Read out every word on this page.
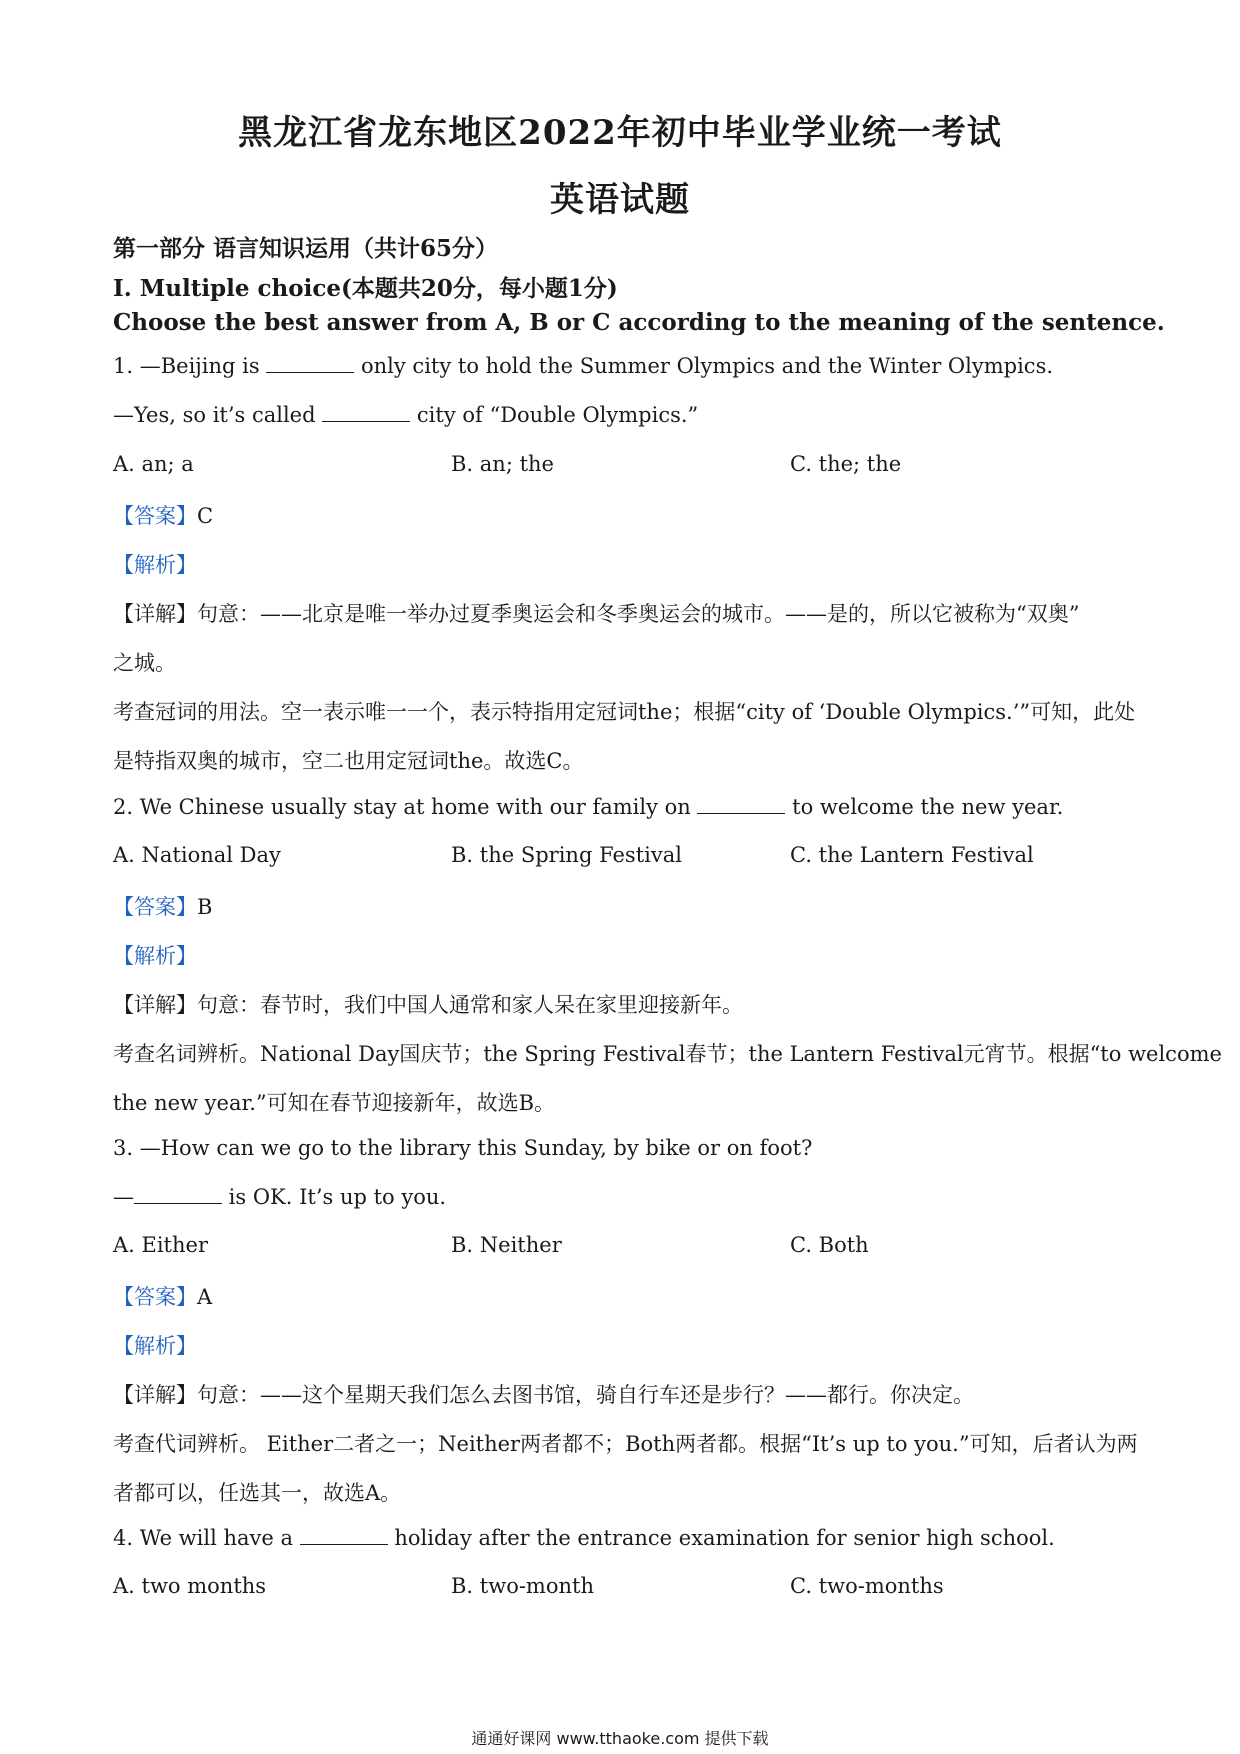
黑龙江省龙东地区2022年初中毕业学业统一考试
英语试题
第一部分 语言知识运用（共计65分）
I. Multiple choice(本题共20分，每小题1分)
Choose the best answer from A, B or C according to the meaning of the sentence.
1. —Beijing is	only city to hold the Summer Olympics and the Winter Olympics.
—Yes, so it’s called	city of “Double Olympics.”
A. an; a	B. an; the	C. the; the
【答案】C
【解析】
【详解】句意：——北京是唯一举办过夏季奥运会和冬季奥运会的城市。——是的，所以它被称为“双奥”
之城。
考查冠词的用法。空一表示唯一一个，表示特指用定冠词the；根据“city of ‘Double Olympics.’”可知，此处
是特指双奥的城市，空二也用定冠词the。故选C。
2. We Chinese usually stay at home with our family on	to welcome the new year.
A. National Day	B. the Spring Festival	C. the Lantern Festival
【答案】B
【解析】
【详解】句意：春节时，我们中国人通常和家人呆在家里迎接新年。
考查名词辨析。National Day国庆节；the Spring Festival春节；the Lantern Festival元宵节。根据“to welcome
the new year.”可知在春节迎接新年，故选B。
3. —How can we go to the library this Sunday, by bike or on foot?
—	is OK. It’s up to you.
A. Either	B. Neither	C. Both
【答案】A
【解析】
【详解】句意：——这个星期天我们怎么去图书馆，骑自行车还是步行？——都行。你决定。
考查代词辨析。 Either二者之一；Neither两者都不；Both两者都。根据“It’s up to you.”可知，后者认为两
者都可以，任选其一，故选A。
4. We will have a	holiday after the entrance examination for senior high school.
A. two months	B. two-month	C. two-months
通通好课网 www.tthaoke.com 提供下载
